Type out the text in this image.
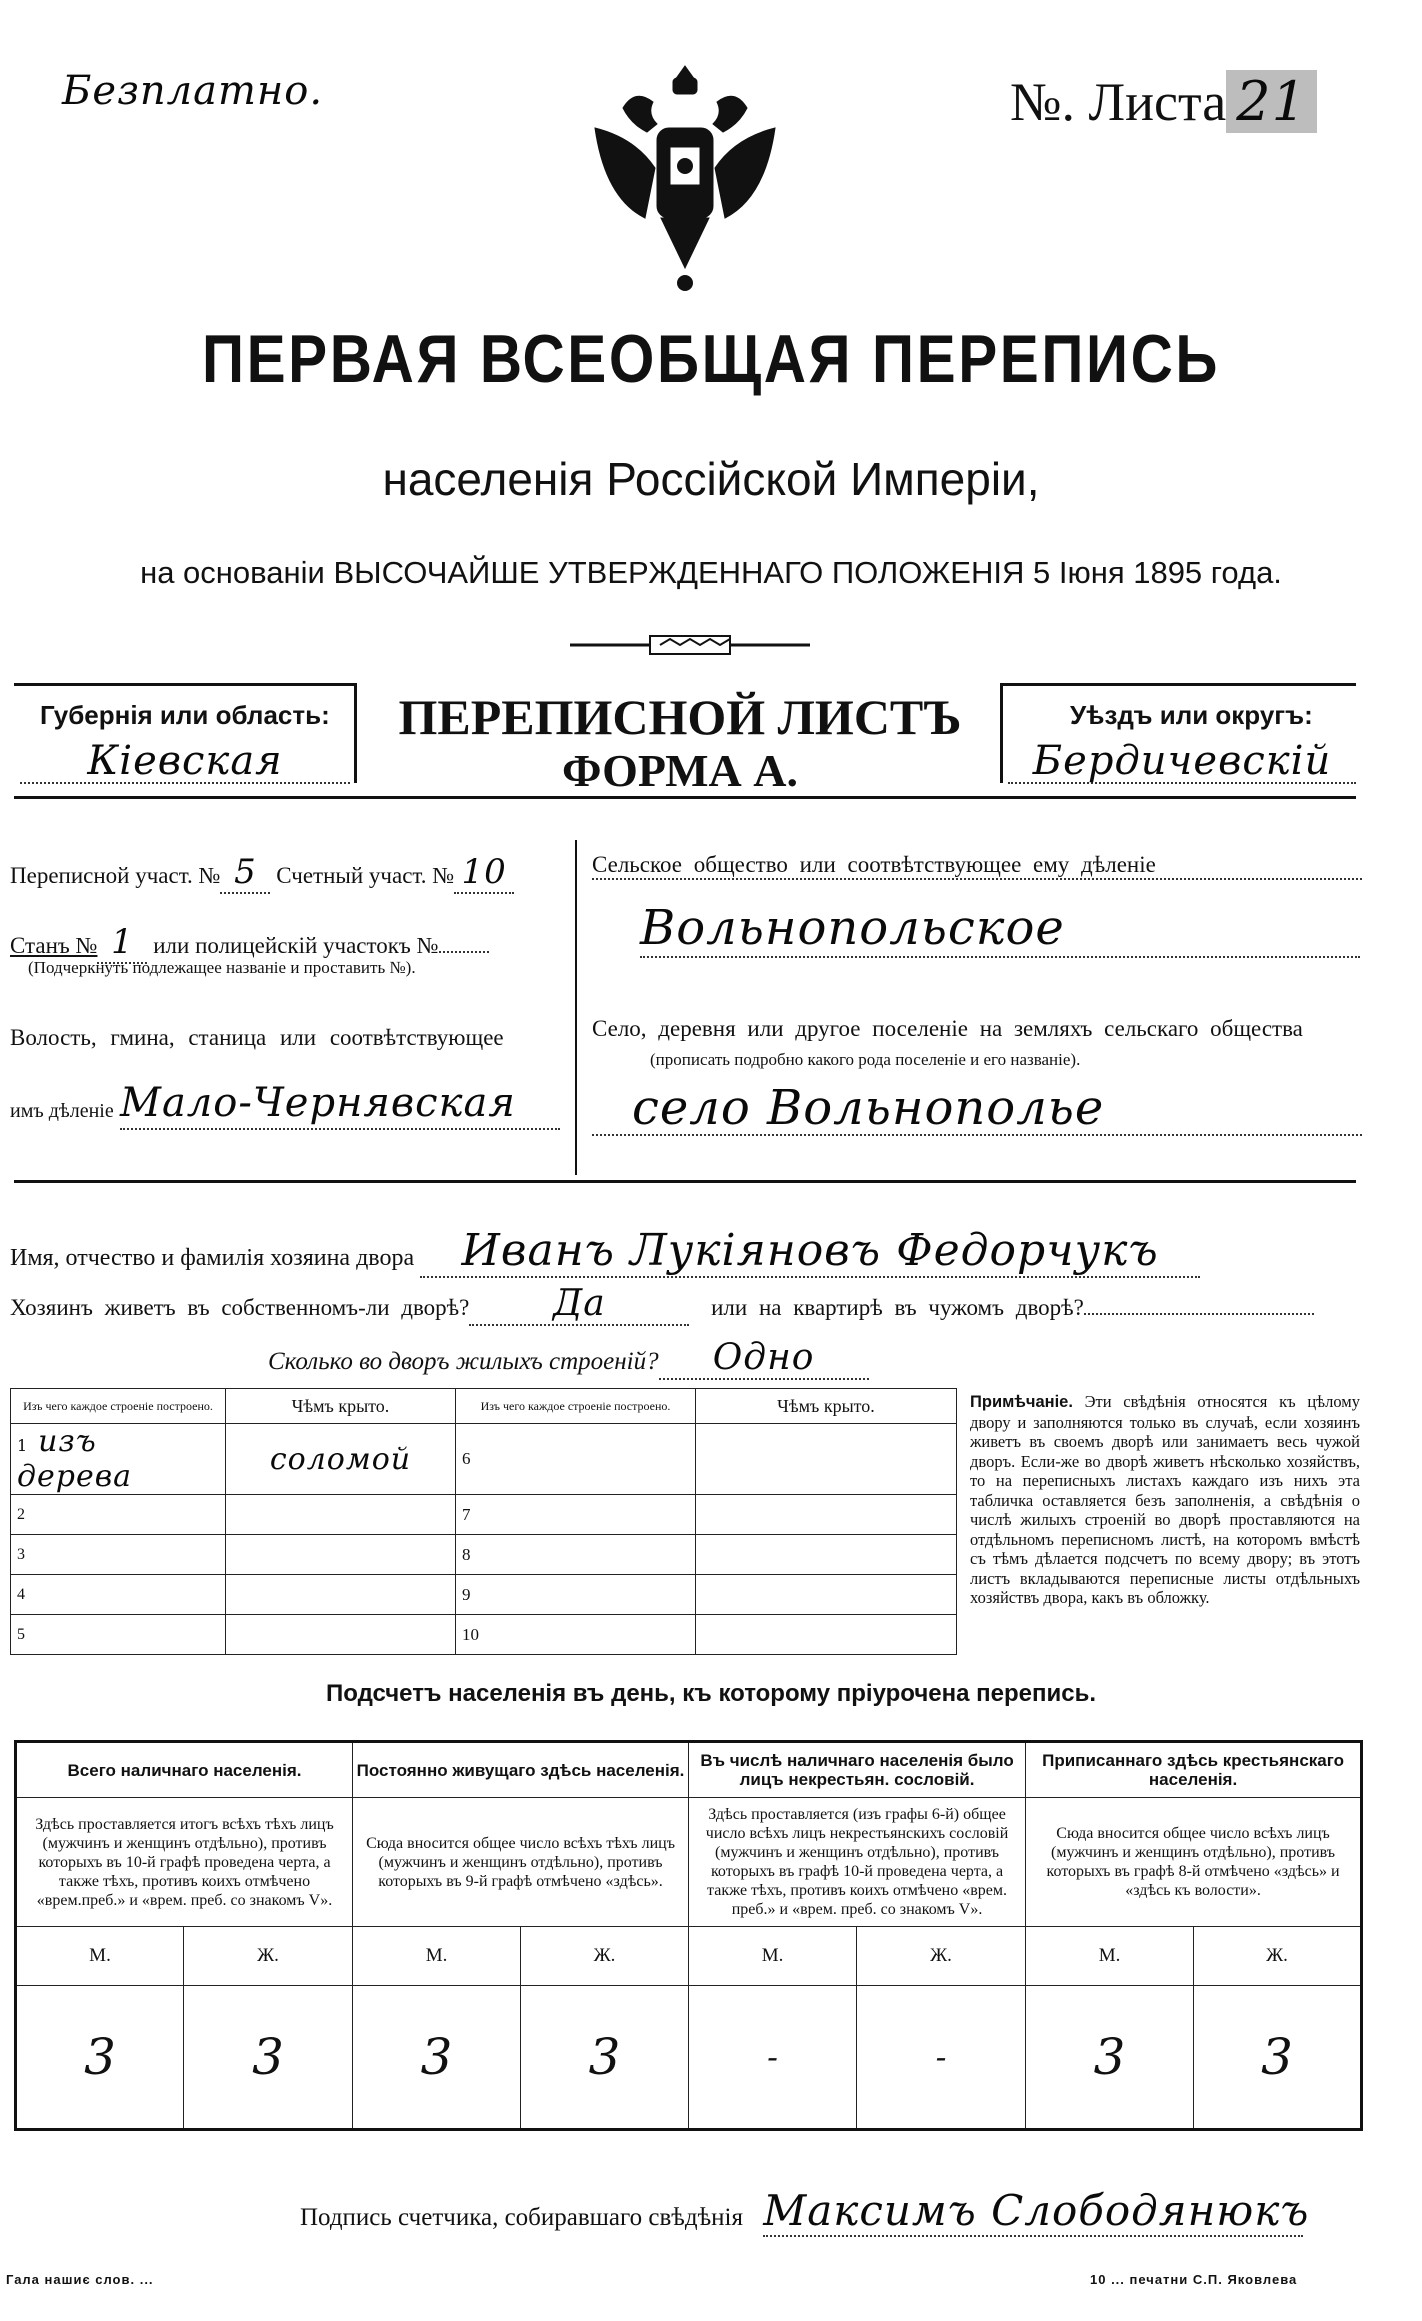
Безплатно.	№. Листа 21
ПЕРВАЯ ВСЕОБЩАЯ ПЕРЕПИСЬ
населенія Россійской Имперіи,
на основаніи ВЫСОЧАЙШЕ УТВЕРЖДЕННАГО ПОЛОЖЕНІЯ 5 Іюня 1895 года.
Губернія или область:
Кіевская
ПЕРЕПИСНОЙ ЛИСТЪ
ФОРМА А.
Уѣздъ или округъ:
Бердичевскій
Переписной участ. № 5 Счетный участ. № 10
Станъ № 1 или полицейскій участокъ №
(Подчеркнуть подлежащее названіе и проставить №).
Волость, гмина, станица или соотвѣтствующее
имъ дѣленіе Мало-Чернявская
Сельское общество или соотвѣтствующее ему дѣленіе
Вольнопольское
Село, деревня или другое поселеніе на земляхъ сельскаго общества
(прописать подробно какого рода поселеніе и его названіе).
село Вольнополье
Имя, отчество и фамилія хозяина двора Иванъ Лукіяновъ Федорчукъ
Хозяинъ живетъ въ собственномъ-ли дворѣ? Да	или на квартирѣ въ чужомъ дворѣ?
Сколько во дворъ жилыхъ строеній? Одно
Изъ чего каждое строеніе построено.	Чѣмъ крыто.	Изъ чего каждое строеніе построено.	Чѣмъ крыто.
1 изъ дерева	соломой	6	
2		7	
3		8	
4		9	
5		10	
Примѣчаніе. Эти свѣдѣнія относятся къ цѣлому двору и заполняются только въ случаѣ, если хозяинъ живетъ въ своемъ дворѣ или занимаетъ весь чужой дворъ. Если-же во дворѣ живетъ нѣсколько хозяйствъ, то на переписныхъ листахъ каждаго изъ нихъ эта табличка оставляется безъ заполненія, а свѣдѣнія о числѣ жилыхъ строеній во дворѣ проставляются на отдѣльномъ переписномъ листѣ, на которомъ вмѣстѣ съ тѣмъ дѣлается подсчетъ по всему двору; въ этотъ листъ вкладываются переписные листы отдѣльныхъ хозяйствъ двора, какъ въ обложку.
Подсчетъ населенія въ день, къ которому пріурочена перепись.
Всего наличнаго населенія.		Постоянно живущаго здѣсь населенія.		Въ числѣ наличнаго населенія было лицъ некрестьян. сословій.		Приписаннаго здѣсь крестьянскаго населенія.	
Здѣсь проставляется итогъ всѣхъ тѣхъ лицъ (мужчинъ и женщинъ отдѣльно), противъ которыхъ въ 10-й графѣ проведена черта, а также тѣхъ, противъ коихъ отмѣчено «врем.преб.» и «врем. преб. со знакомъ V».		Сюда вносится общее число всѣхъ тѣхъ лицъ (мужчинъ и женщинъ отдѣльно), противъ которыхъ въ 9-й графѣ отмѣчено «здѣсь».		Здѣсь проставляется (изъ графы 6-й) общее число всѣхъ лицъ некрестьянскихъ сословій (мужчинъ и женщинъ отдѣльно), противъ которыхъ въ графѣ 10-й проведена черта, а также тѣхъ, противъ коихъ отмѣчено «врем. преб.» и «врем. преб. со знакомъ V».		Сюда вносится общее число всѣхъ лицъ (мужчинъ и женщинъ отдѣльно), противъ которыхъ въ графѣ 8-й отмѣчено «здѣсь» и «здѣсь къ волости».	
М.	Ж.	М.	Ж.	М.	Ж.	М.	Ж.
3	3	3	3	-	-	3	3
Подпись счетчика, собиравшаго свѣдѣнія Максимъ Слободянюкъ
Гала нашиє слов. ...	10 ... печатни С.П. Яковлева
